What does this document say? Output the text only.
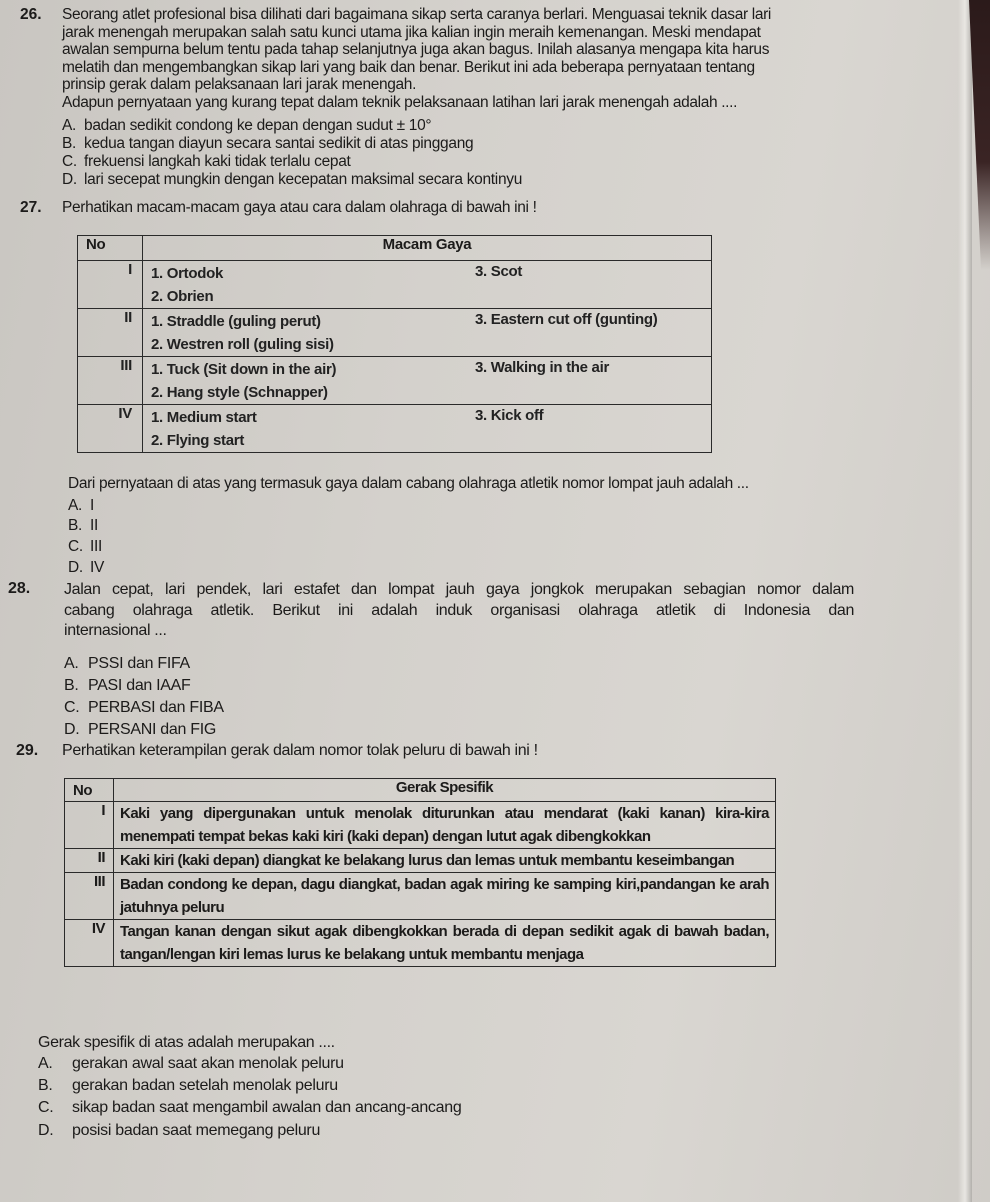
26. Seorang atlet profesional bisa dilihati dari bagaimana sikap serta caranya berlari. Menguasai teknik dasar lari
jarak menengah merupakan salah satu kunci utama jika kalian ingin meraih kemenangan. Meski mendapat
awalan sempurna belum tentu pada tahap selanjutnya juga akan bagus. Inilah alasanya mengapa kita harus
melatih dan mengembangkan sikap lari yang baik dan benar. Berikut ini ada beberapa pernyataan tentang
prinsip gerak dalam pelaksanaan lari jarak menengah.
Adapun pernyataan yang kurang tepat dalam teknik pelaksanaan latihan lari jarak menengah adalah ....
A. badan sedikit condong ke depan dengan sudut ± 10°
B. kedua tangan diayun secara santai sedikit di atas pinggang
C. frekuensi langkah kaki tidak terlalu cepat
D. lari secepat mungkin dengan kecepatan maksimal secara kontinyu
27. Perhatikan macam-macam gaya atau cara dalam olahraga di bawah ini !
No	Macam Gaya
I	1. Ortodok
2. Obrien
3. Scot

II	1. Straddle (guling perut)
2. Westren roll (guling sisi)
3. Eastern cut off (gunting)

III	1. Tuck (Sit down in the air)
2. Hang style (Schnapper)
3. Walking in the air

IV	1. Medium start
2. Flying start
3. Kick off
Dari pernyataan di atas yang termasuk gaya dalam cabang olahraga atletik nomor lompat jauh adalah ...
A. I
B. II
C. III
D. IV
28. Jalan cepat, lari pendek, lari estafet dan lompat jauh gaya jongkok merupakan sebagian nomor dalam
cabang olahraga atletik. Berikut ini adalah induk organisasi olahraga atletik di Indonesia dan
internasional ...
A. PSSI dan FIFA
B. PASI dan IAAF
C. PERBASI dan FIBA
D. PERSANI dan FIG
29. Perhatikan keterampilan gerak dalam nomor tolak peluru di bawah ini !
No	Gerak Spesifik
I	Kaki yang dipergunakan untuk menolak diturunkan atau mendarat (kaki kanan) kira-kira menempati tempat bekas kaki kiri (kaki depan) dengan lutut agak dibengkokkan
II	Kaki kiri (kaki depan) diangkat ke belakang lurus dan lemas untuk membantu keseimbangan
III	Badan condong ke depan, dagu diangkat, badan agak miring ke samping kiri,pandangan ke arah jatuhnya peluru
IV	Tangan kanan dengan sikut agak dibengkokkan berada di depan sedikit agak di bawah badan, tangan/lengan kiri lemas lurus ke belakang untuk membantu menjaga
Gerak spesifik di atas adalah merupakan ....
A. gerakan awal saat akan menolak peluru
B. gerakan badan setelah menolak peluru
C. sikap badan saat mengambil awalan dan ancang-ancang
D. posisi badan saat memegang peluru
